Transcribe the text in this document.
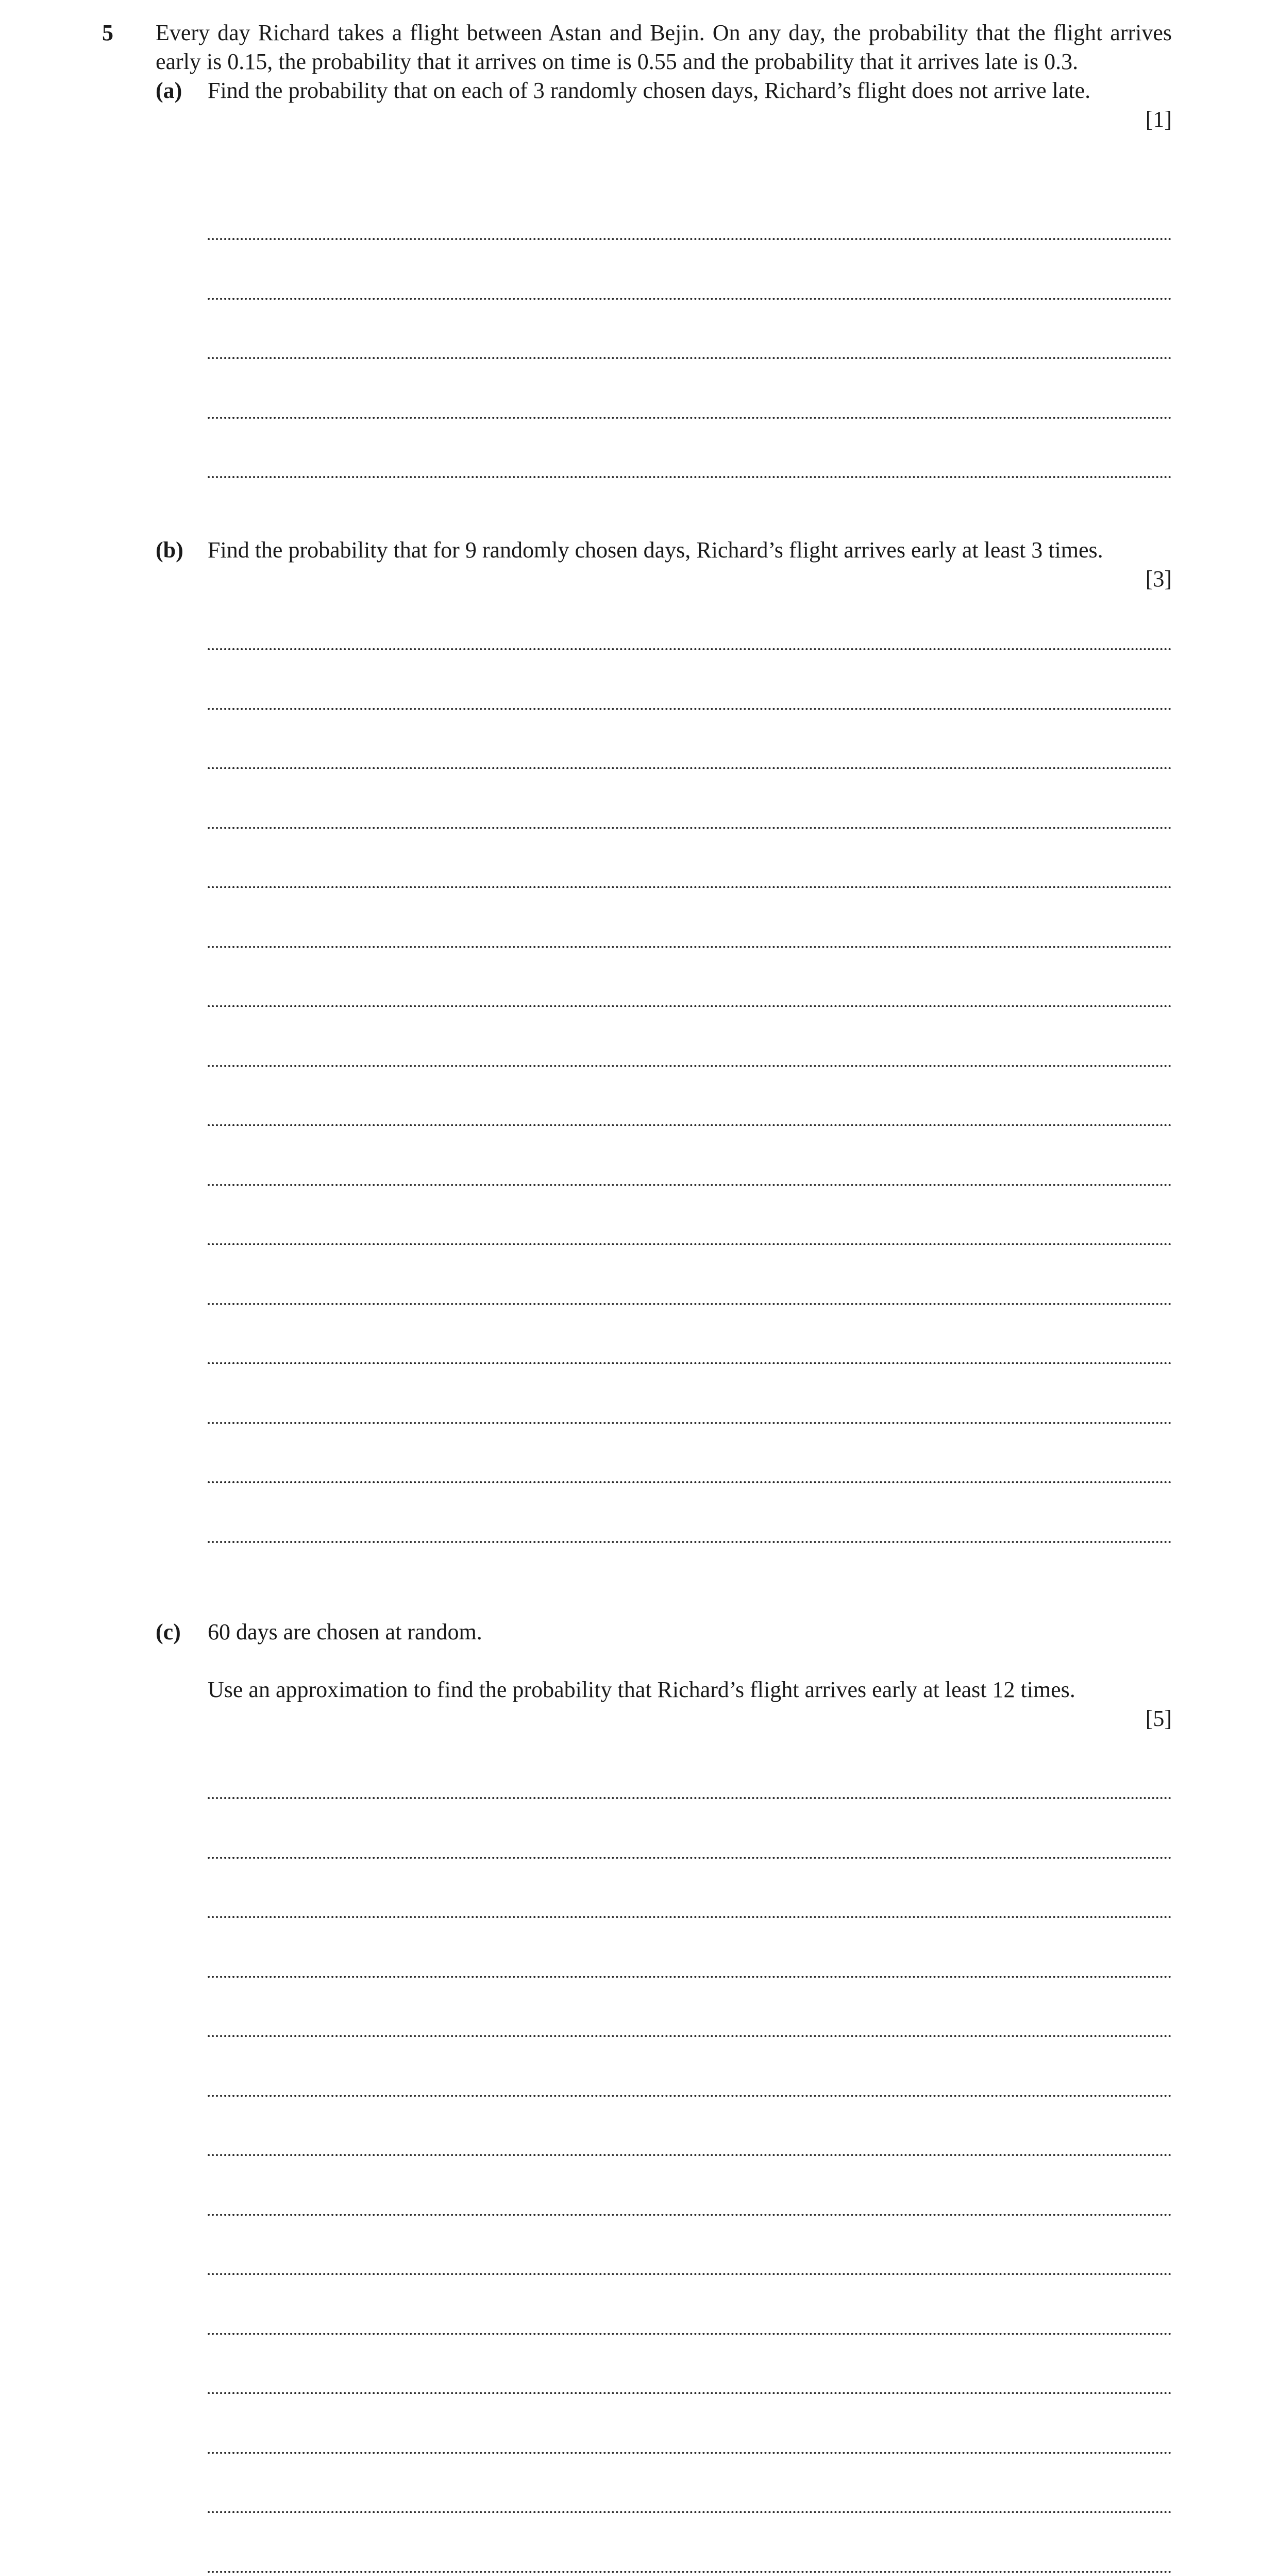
5 Every day Richard takes a flight between Astan and Bejin. On any day, the probability that the flight arrives early is 0.15, the probability that it arrives on time is 0.55 and the probability that it arrives late is 0.3.
(a) Find the probability that on each of 3 randomly chosen days, Richard’s flight does not arrive late.
[1]
(b) Find the probability that for 9 randomly chosen days, Richard’s flight arrives early at least 3 times.
[3]
(c) 60 days are chosen at random.
Use an approximation to find the probability that Richard’s flight arrives early at least 12 times.
[5]
